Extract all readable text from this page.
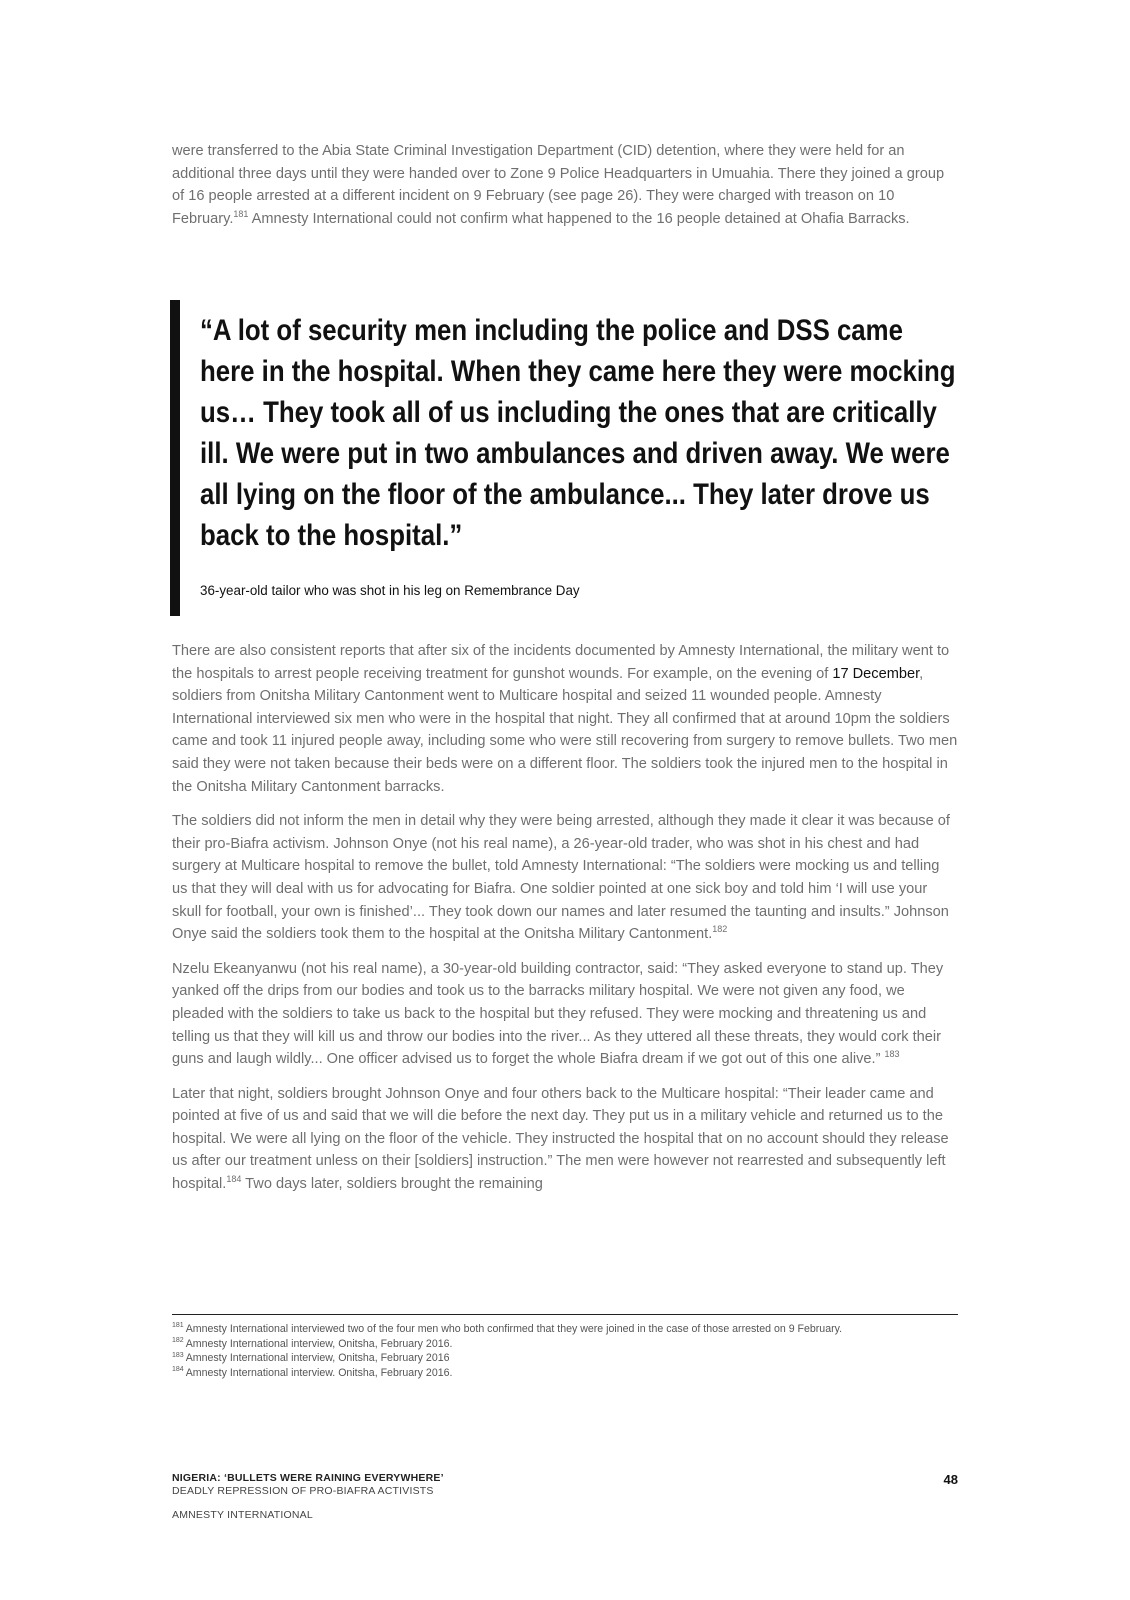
were transferred to the Abia State Criminal Investigation Department (CID) detention, where they were held for an additional three days until they were handed over to Zone 9 Police Headquarters in Umuahia. There they joined a group of 16 people arrested at a different incident on 9 February (see page 26). They were charged with treason on 10 February.$^{181}$ Amnesty International could not confirm what happened to the 16 people detained at Ohafia Barracks.

“A lot of security men including the police and DSS came here in the hospital. When they came here they were mocking us… They took all of us including the ones that are critically ill. We were put in two ambulances and driven away. We were all lying on the floor of the ambulance... They later drove us back to the hospital.”
36-year-old tailor who was shot in his leg on Remembrance Day

There are also consistent reports that after six of the incidents documented by Amnesty International, the military went to the hospitals to arrest people receiving treatment for gunshot wounds. For example, on the evening of 17 December, soldiers from Onitsha Military Cantonment went to Multicare hospital and seized 11 wounded people. Amnesty International interviewed six men who were in the hospital that night. They all confirmed that at around 10pm the soldiers came and took 11 injured people away, including some who were still recovering from surgery to remove bullets. Two men said they were not taken because their beds were on a different floor. The soldiers took the injured men to the hospital in the Onitsha Military Cantonment barracks.

The soldiers did not inform the men in detail why they were being arrested, although they made it clear it was because of their pro-Biafra activism. Johnson Onye (not his real name), a 26-year-old trader, who was shot in his chest and had surgery at Multicare hospital to remove the bullet, told Amnesty International: “The soldiers were mocking us and telling us that they will deal with us for advocating for Biafra. One soldier pointed at one sick boy and told him ‘I will use your skull for football, your own is finished’... They took down our names and later resumed the taunting and insults.” Johnson Onye said the soldiers took them to the hospital at the Onitsha Military Cantonment.$^{182}$

Nzelu Ekeanyanwu (not his real name), a 30-year-old building contractor, said: “They asked everyone to stand up. They yanked off the drips from our bodies and took us to the barracks military hospital. We were not given any food, we pleaded with the soldiers to take us back to the hospital but they refused. They were mocking and threatening us and telling us that they will kill us and throw our bodies into the river... As they uttered all these threats, they would cork their guns and laugh wildly... One officer advised us to forget the whole Biafra dream if we got out of this one alive.” $^{183}$

Later that night, soldiers brought Johnson Onye and four others back to the Multicare hospital: “Their leader came and pointed at five of us and said that we will die before the next day. They put us in a military vehicle and returned us to the hospital. We were all lying on the floor of the vehicle. They instructed the hospital that on no account should they release us after our treatment unless on their [soldiers] instruction.” The men were however not rearrested and subsequently left hospital.$^{184}$ Two days later, soldiers brought the remaining

$^{181}$ Amnesty International interviewed two of the four men who both confirmed that they were joined in the case of those arrested on 9 February.
$^{182}$ Amnesty International interview, Onitsha, February 2016.
$^{183}$ Amnesty International interview, Onitsha, February 2016
$^{184}$ Amnesty International interview. Onitsha, February 2016.
NIGERIA: ‘BULLETS WERE RAINING EVERYWHERE’
DEADLY REPRESSION OF PRO-BIAFRA ACTIVISTS
AMNESTY INTERNATIONAL
48
